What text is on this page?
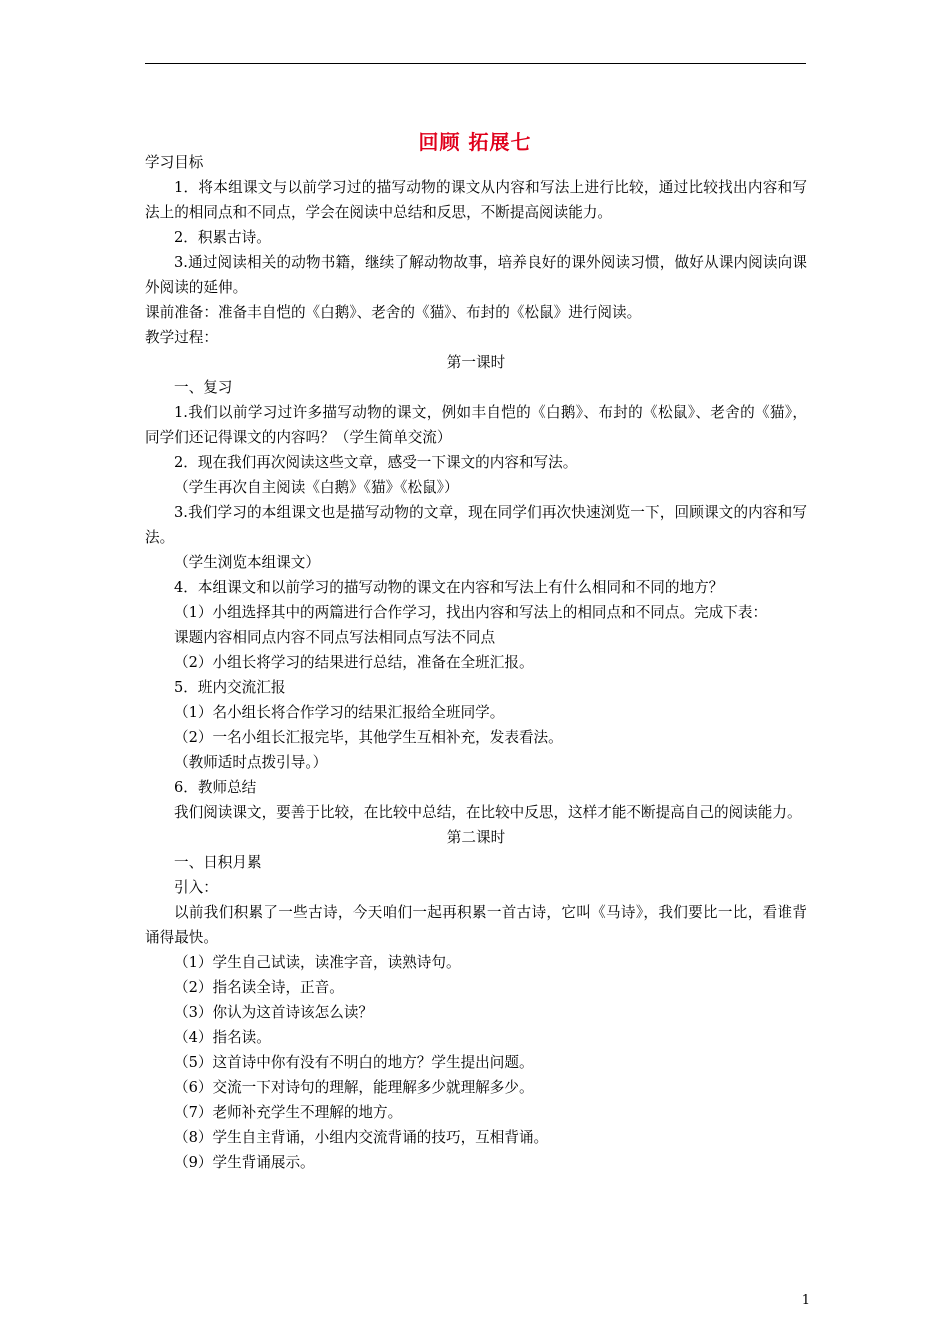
回顾 拓展七

学习目标

1．将本组课文与以前学习过的描写动物的课文从内容和写法上进行比较，通过比较找出内容和写法上的相同点和不同点，学会在阅读中总结和反思，不断提高阅读能力。

2．积累古诗。

3.通过阅读相关的动物书籍，继续了解动物故事，培养良好的课外阅读习惯，做好从课内阅读向课外阅读的延伸。

课前准备：准备丰自恺的《白鹅》、老舍的《猫》、布封的《松鼠》进行阅读。

教学过程：

第一课时

一、复习

1.我们以前学习过许多描写动物的课文，例如丰自恺的《白鹅》、布封的《松鼠》、老舍的《猫》，同学们还记得课文的内容吗？（学生简单交流）

2．现在我们再次阅读这些文章，感受一下课文的内容和写法。

（学生再次自主阅读《白鹅》《猫》《松鼠》）

3.我们学习的本组课文也是描写动物的文章，现在同学们再次快速浏览一下，回顾课文的内容和写法。

（学生浏览本组课文）

4．本组课文和以前学习的描写动物的课文在内容和写法上有什么相同和不同的地方？

（1）小组选择其中的两篇进行合作学习，找出内容和写法上的相同点和不同点。完成下表：

课题内容相同点内容不同点写法相同点写法不同点

（2）小组长将学习的结果进行总结，准备在全班汇报。

5．班内交流汇报

（1）名小组长将合作学习的结果汇报给全班同学。

（2）一名小组长汇报完毕，其他学生互相补充，发表看法。

（教师适时点拨引导。）

6．教师总结

我们阅读课文，要善于比较，在比较中总结，在比较中反思，这样才能不断提高自己的阅读能力。

第二课时

一、日积月累

引入：

以前我们积累了一些古诗，今天咱们一起再积累一首古诗，它叫《马诗》，我们要比一比，看谁背诵得最快。

（1）学生自己试读，读准字音，读熟诗句。

（2）指名读全诗，正音。

（3）你认为这首诗该怎么读？

（4）指名读。

（5）这首诗中你有没有不明白的地方？学生提出问题。

（6）交流一下对诗句的理解，能理解多少就理解多少。

（7）老师补充学生不理解的地方。

（8）学生自主背诵，小组内交流背诵的技巧，互相背诵。

（9）学生背诵展示。

1
